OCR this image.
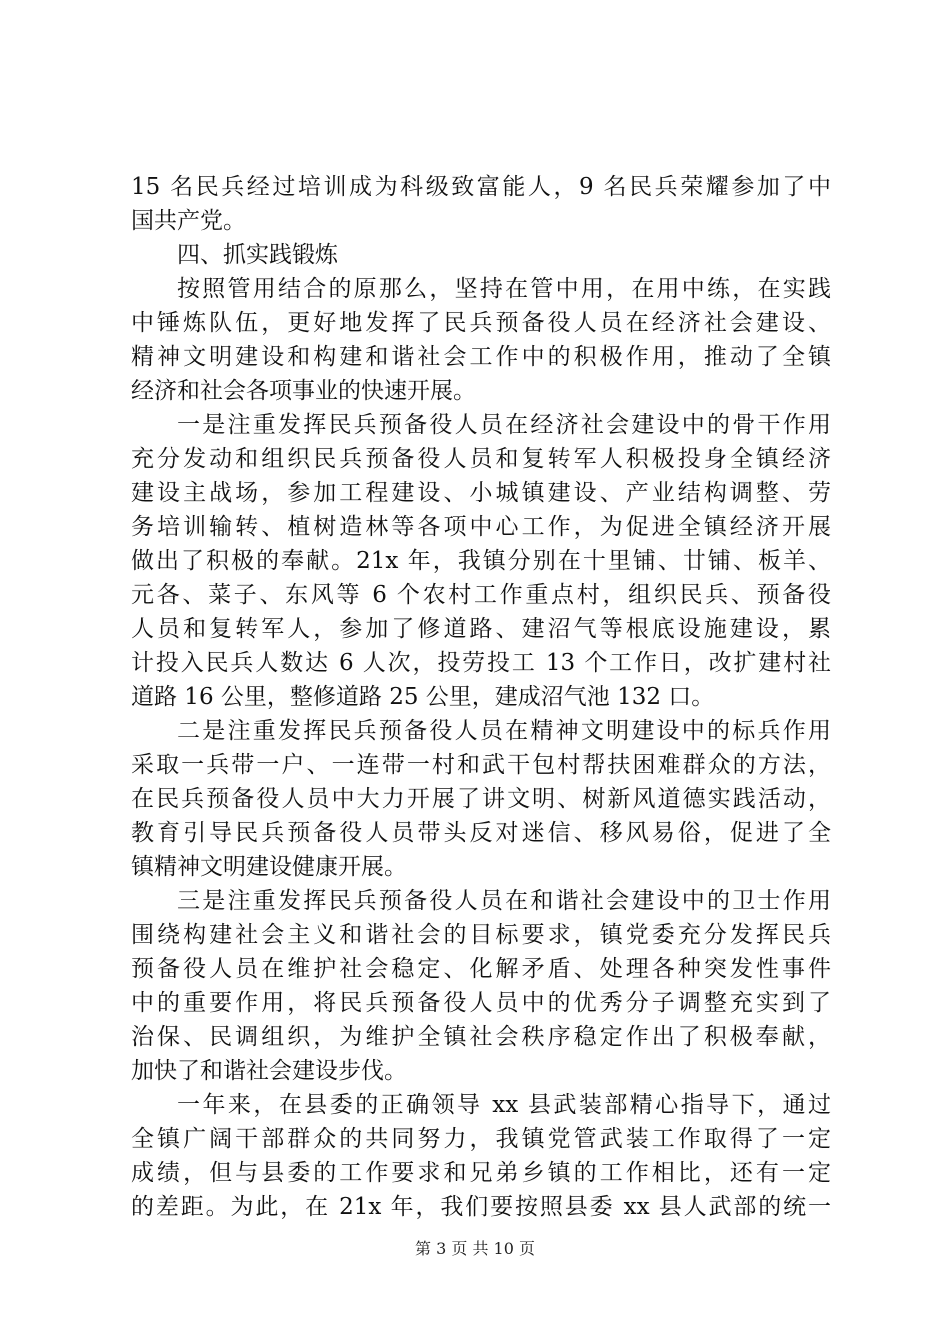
15 名民兵经过培训成为科级致富能人，9 名民兵荣耀参加了中
国共产党。
四、抓实践锻炼
按照管用结合的原那么，坚持在管中用，在用中练，在实践
中锤炼队伍，更好地发挥了民兵预备役人员在经济社会建设、
精神文明建设和构建和谐社会工作中的积极作用，推动了全镇
经济和社会各项事业的快速开展。
一是注重发挥民兵预备役人员在经济社会建设中的骨干作用
充分发动和组织民兵预备役人员和复转军人积极投身全镇经济
建设主战场，参加工程建设、小城镇建设、产业结构调整、劳
务培训输转、植树造林等各项中心工作，为促进全镇经济开展
做出了积极的奉献。21x 年，我镇分别在十里铺、廿铺、板羊、
元各、菜子、东风等 6 个农村工作重点村，组织民兵、预备役
人员和复转军人，参加了修道路、建沼气等根底设施建设，累
计投入民兵人数达 6 人次，投劳投工 13 个工作日，改扩建村社
道路 16 公里，整修道路 25 公里，建成沼气池 132 口。
二是注重发挥民兵预备役人员在精神文明建设中的标兵作用
采取一兵带一户、一连带一村和武干包村帮扶困难群众的方法，
在民兵预备役人员中大力开展了讲文明、树新风道德实践活动，
教育引导民兵预备役人员带头反对迷信、移风易俗，促进了全
镇精神文明建设健康开展。
三是注重发挥民兵预备役人员在和谐社会建设中的卫士作用
围绕构建社会主义和谐社会的目标要求，镇党委充分发挥民兵
预备役人员在维护社会稳定、化解矛盾、处理各种突发性事件
中的重要作用，将民兵预备役人员中的优秀分子调整充实到了
治保、民调组织，为维护全镇社会秩序稳定作出了积极奉献，
加快了和谐社会建设步伐。
一年来，在县委的正确领导 xx 县武装部精心指导下，通过
全镇广阔干部群众的共同努力，我镇党管武装工作取得了一定
成绩，但与县委的工作要求和兄弟乡镇的工作相比，还有一定
的差距。为此，在 21x 年，我们要按照县委 xx 县人武部的统一
第 3 页 共 10 页
